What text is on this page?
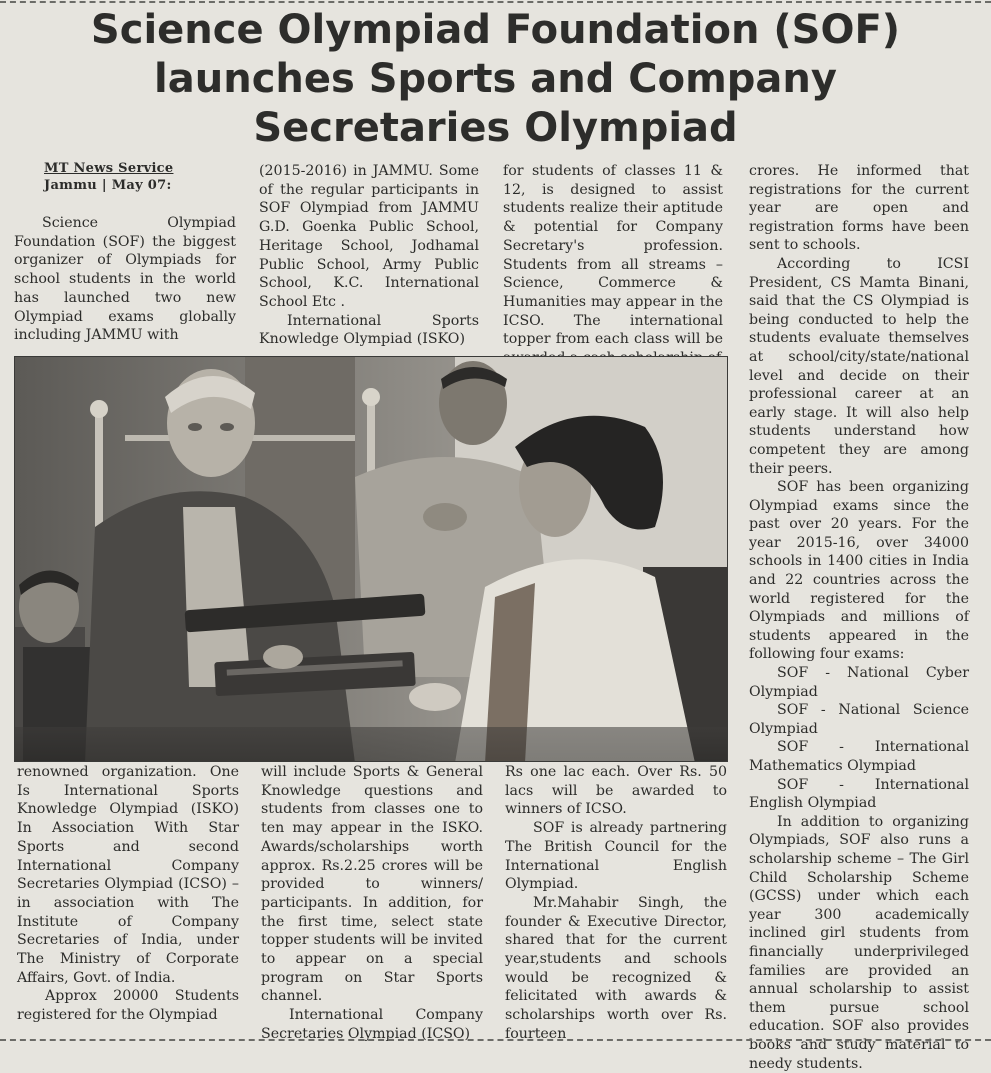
Science Olympiad Foundation (SOF)
launches Sports and Company
Secretaries Olympiad
MT News Service
Jammu | May 07:

Science Olympiad Foundation (SOF) the biggest organizer of Olympiads for school students in the world has launched two new Olympiad exams globally including JAMMU with

(2015-2016) in JAMMU. Some of the regular participants in SOF Olympiad from JAMMU G.D. Goenka Public School, Heritage School, Jodhamal Public School, Army Public School, K.C. International School Etc .

International Sports Knowledge Olympiad (ISKO)

for students of classes 11 & 12, is designed to assist students realize their aptitude & potential for Company Secretary's profession. Students from all streams – Science, Commerce & Humanities may appear in the ICSO. The international topper from each class will be

crores. He informed that registrations for the current year are open and registration forms have been sent to schools.

According to ICSI President, CS Mamta Binani, said that the CS Olympiad is being conducted to help the students evaluate themselves at school/city/state/national level and decide on their professional career at an early stage. It will also help students understand how competent they are among their peers.

SOF has been organizing Olympiad exams since the past over 20 years. For the year 2015-16, over 34000 schools in 1400 cities in India and 22 countries across the world registered for the Olympiads and millions of students appeared in the following four exams:

SOF - National Cyber Olympiad

SOF - National Science Olympiad

SOF - International Mathematics Olympiad

SOF - International English Olympiad

In addition to organizing Olympiads, SOF also runs a scholarship scheme – The Girl Child Scholarship Scheme (GCSS) under which each year 300 academically inclined girl students from financially underprivileged families are provided an annual scholarship to assist them pursue school education. SOF also provides books and study material to needy students.

renowned organization. One Is International Sports Knowledge Olympiad (ISKO) In Association With Star Sports and second International Company Secretaries Olympiad (ICSO) – in association with The Institute of Company Secretaries of India, under The Ministry of Corporate Affairs, Govt. of India.

Approx 20000 Students registered for the Olympiad

will include Sports & General Knowledge questions and students from classes one to ten may appear in the ISKO. Awards/scholarships worth approx. Rs.2.25 crores will be provided to winners/ participants. In addition, for the first time, select state topper students will be invited to appear on a special program on Star Sports channel.

International Company Secretaries Olympiad (ICSO)

Rs one lac each. Over Rs. 50 lacs will be awarded to winners of ICSO.

SOF is already partnering The British Council for the International English Olympiad.

Mr.Mahabir Singh, the founder & Executive Director, shared that for the current year,students and schools would be recognized & felicitated with awards & scholarships worth over Rs. fourteen
